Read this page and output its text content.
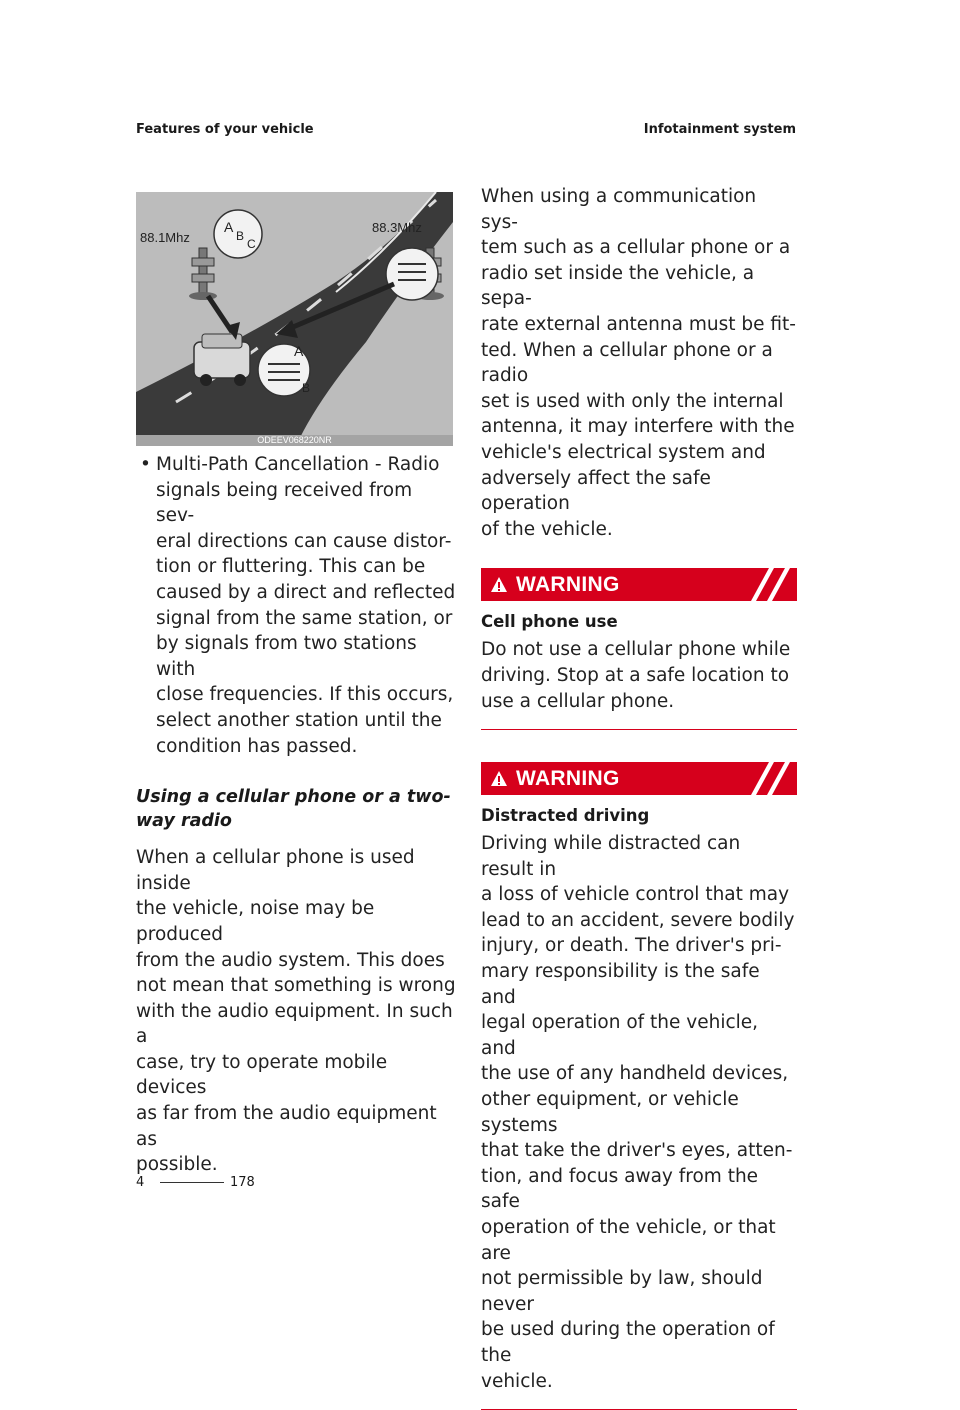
Features of your vehicle	Infotainment system
A
B
C
A
B
88.1Mhz
88.3Mhz
ODEEV068220NR
• Multi-Path Cancellation - Radio
signals being received from sev-
eral directions can cause distor-
tion or fluttering. This can be
caused by a direct and reflected
signal from the same station, or
by signals from two stations with
close frequencies. If this occurs,
select another station until the
condition has passed.
Using a cellular phone or a two-
way radio
When a cellular phone is used inside
the vehicle, noise may be produced
from the audio system. This does
not mean that something is wrong
with the audio equipment. In such a
case, try to operate mobile devices
as far from the audio equipment as
possible.
When using a communication sys-
tem such as a cellular phone or a
radio set inside the vehicle, a sepa-
rate external antenna must be fit-
ted. When a cellular phone or a radio
set is used with only the internal
antenna, it may interfere with the
vehicle's electrical system and
adversely affect the safe operation
of the vehicle.
WARNING
Cell phone use
Do not use a cellular phone while
driving. Stop at a safe location to
use a cellular phone.
WARNING
Distracted driving
Driving while distracted can result in
a loss of vehicle control that may
lead to an accident, severe bodily
injury, or death. The driver's pri-
mary responsibility is the safe and
legal operation of the vehicle, and
the use of any handheld devices,
other equipment, or vehicle systems
that take the driver's eyes, atten-
tion, and focus away from the safe
operation of the vehicle, or that are
not permissible by law, should never
be used during the operation of the
vehicle.
4	178
